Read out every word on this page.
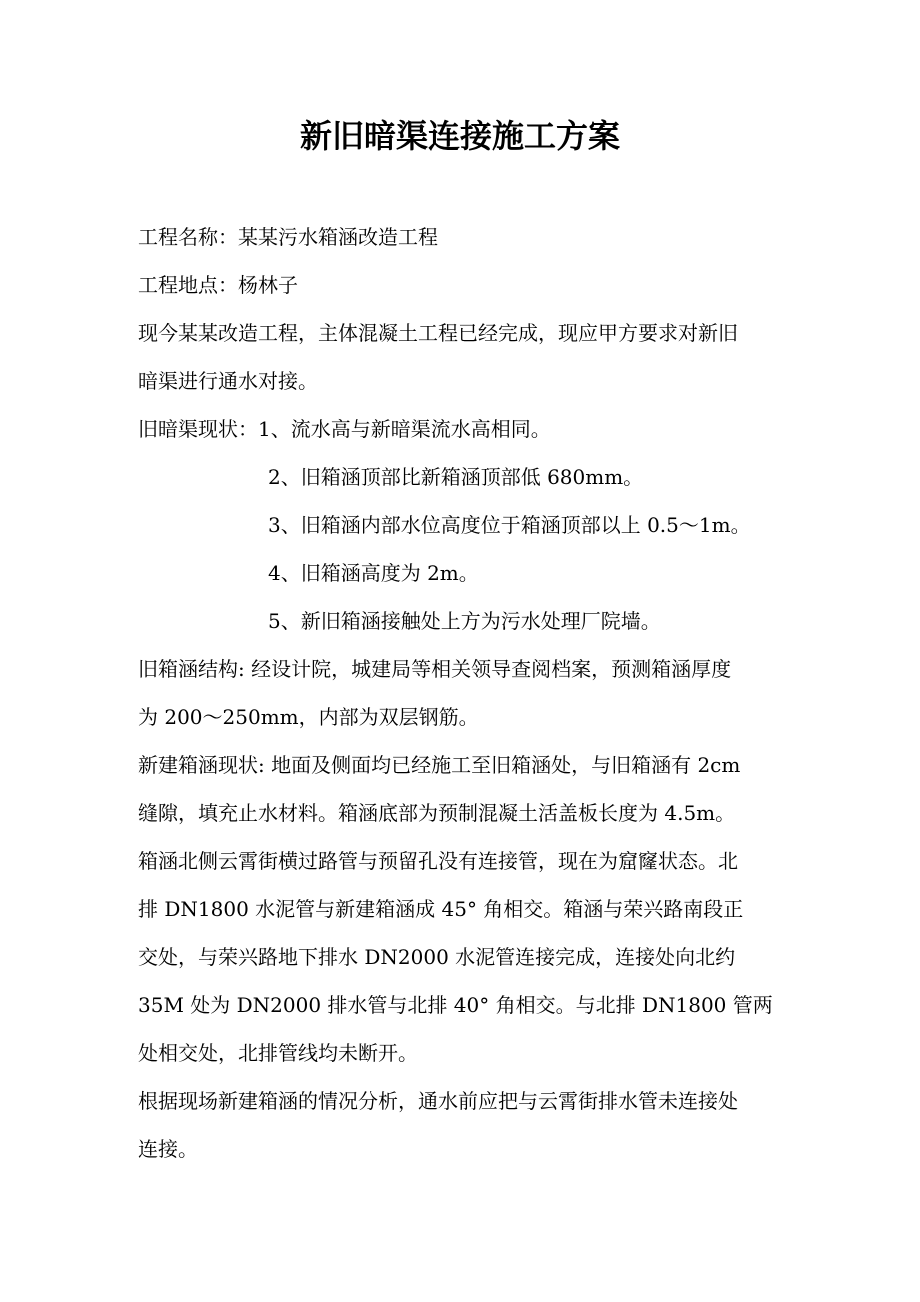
新旧暗渠连接施工方案

工程名称：某某污水箱涵改造工程

工程地点：杨林子

现今某某改造工程，主体混凝土工程已经完成，现应甲方要求对新旧

暗渠进行通水对接。

旧暗渠现状：1、流水高与新暗渠流水高相同。

2、旧箱涵顶部比新箱涵顶部低 680mm。

3、旧箱涵内部水位高度位于箱涵顶部以上 0.5～1m。

4、旧箱涵高度为 2m。

5、新旧箱涵接触处上方为污水处理厂院墙。

旧箱涵结构: 经设计院，城建局等相关领导查阅档案，预测箱涵厚度

为 200～250mm，内部为双层钢筋。

新建箱涵现状: 地面及侧面均已经施工至旧箱涵处，与旧箱涵有 2cm

缝隙，填充止水材料。箱涵底部为预制混凝土活盖板长度为 4.5m。

箱涵北侧云霄街横过路管与预留孔没有连接管，现在为窟窿状态。北

排 DN1800 水泥管与新建箱涵成 45° 角相交。箱涵与荣兴路南段正

交处，与荣兴路地下排水 DN2000 水泥管连接完成，连接处向北约

35M 处为 DN2000 排水管与北排 40° 角相交。与北排 DN1800 管两

处相交处，北排管线均未断开。

根据现场新建箱涵的情况分析，通水前应把与云霄街排水管未连接处

连接。
